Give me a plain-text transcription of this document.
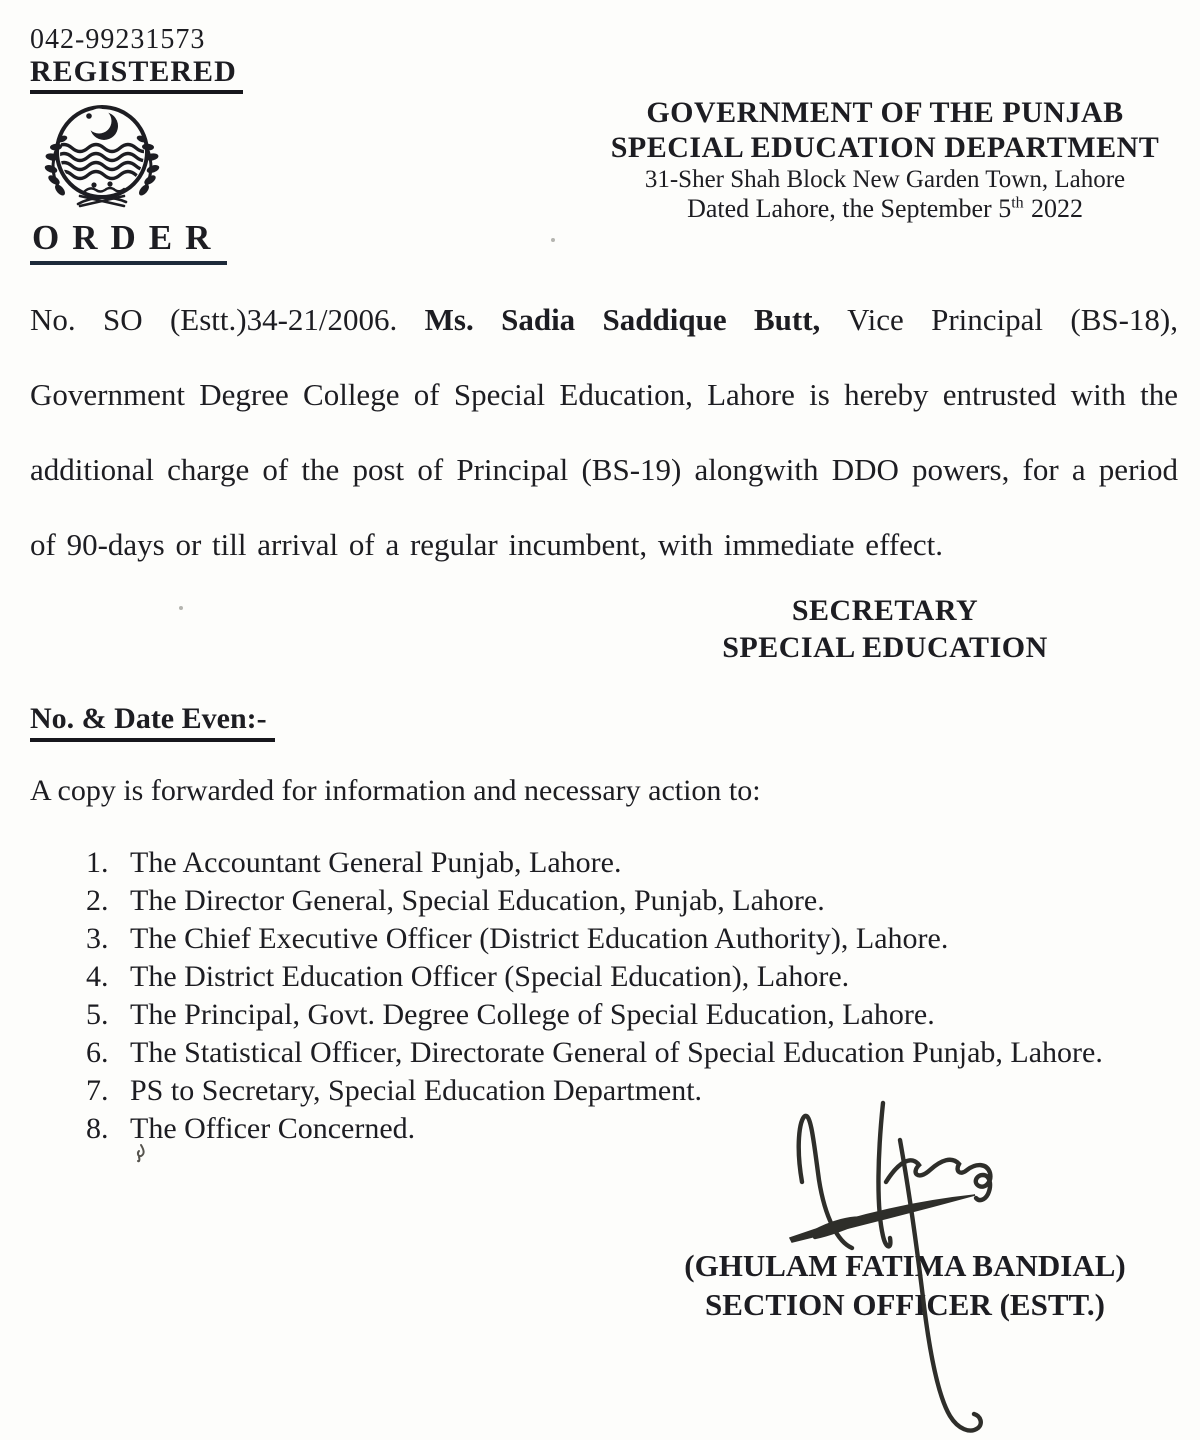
042-99231573
REGISTERED
ORDER
GOVERNMENT OF THE PUNJAB
SPECIAL EDUCATION DEPARTMENT
31-Sher Shah Block New Garden Town, Lahore
Dated Lahore, the September 5th 2022
No. SO (Estt.)34-21/2006. Ms. Sadia Saddique Butt, Vice Principal (BS-18), Government Degree College of Special Education, Lahore is hereby entrusted with the additional charge of the post of Principal (BS-19) alongwith DDO powers, for a period of 90-days or till arrival of a regular incumbent, with immediate effect.
SECRETARY
SPECIAL EDUCATION
No. & Date Even:-
A copy is forwarded for information and necessary action to:
1. The Accountant General Punjab, Lahore.
2. The Director General, Special Education, Punjab, Lahore.
3. The Chief Executive Officer (District Education Authority), Lahore.
4. The District Education Officer (Special Education), Lahore.
5. The Principal, Govt. Degree College of Special Education, Lahore.
6. The Statistical Officer, Directorate General of Special Education Punjab, Lahore.
7. PS to Secretary, Special Education Department.
8. The Officer Concerned.
(GHULAM FATIMA BANDIAL)
SECTION OFFICER (ESTT.)
